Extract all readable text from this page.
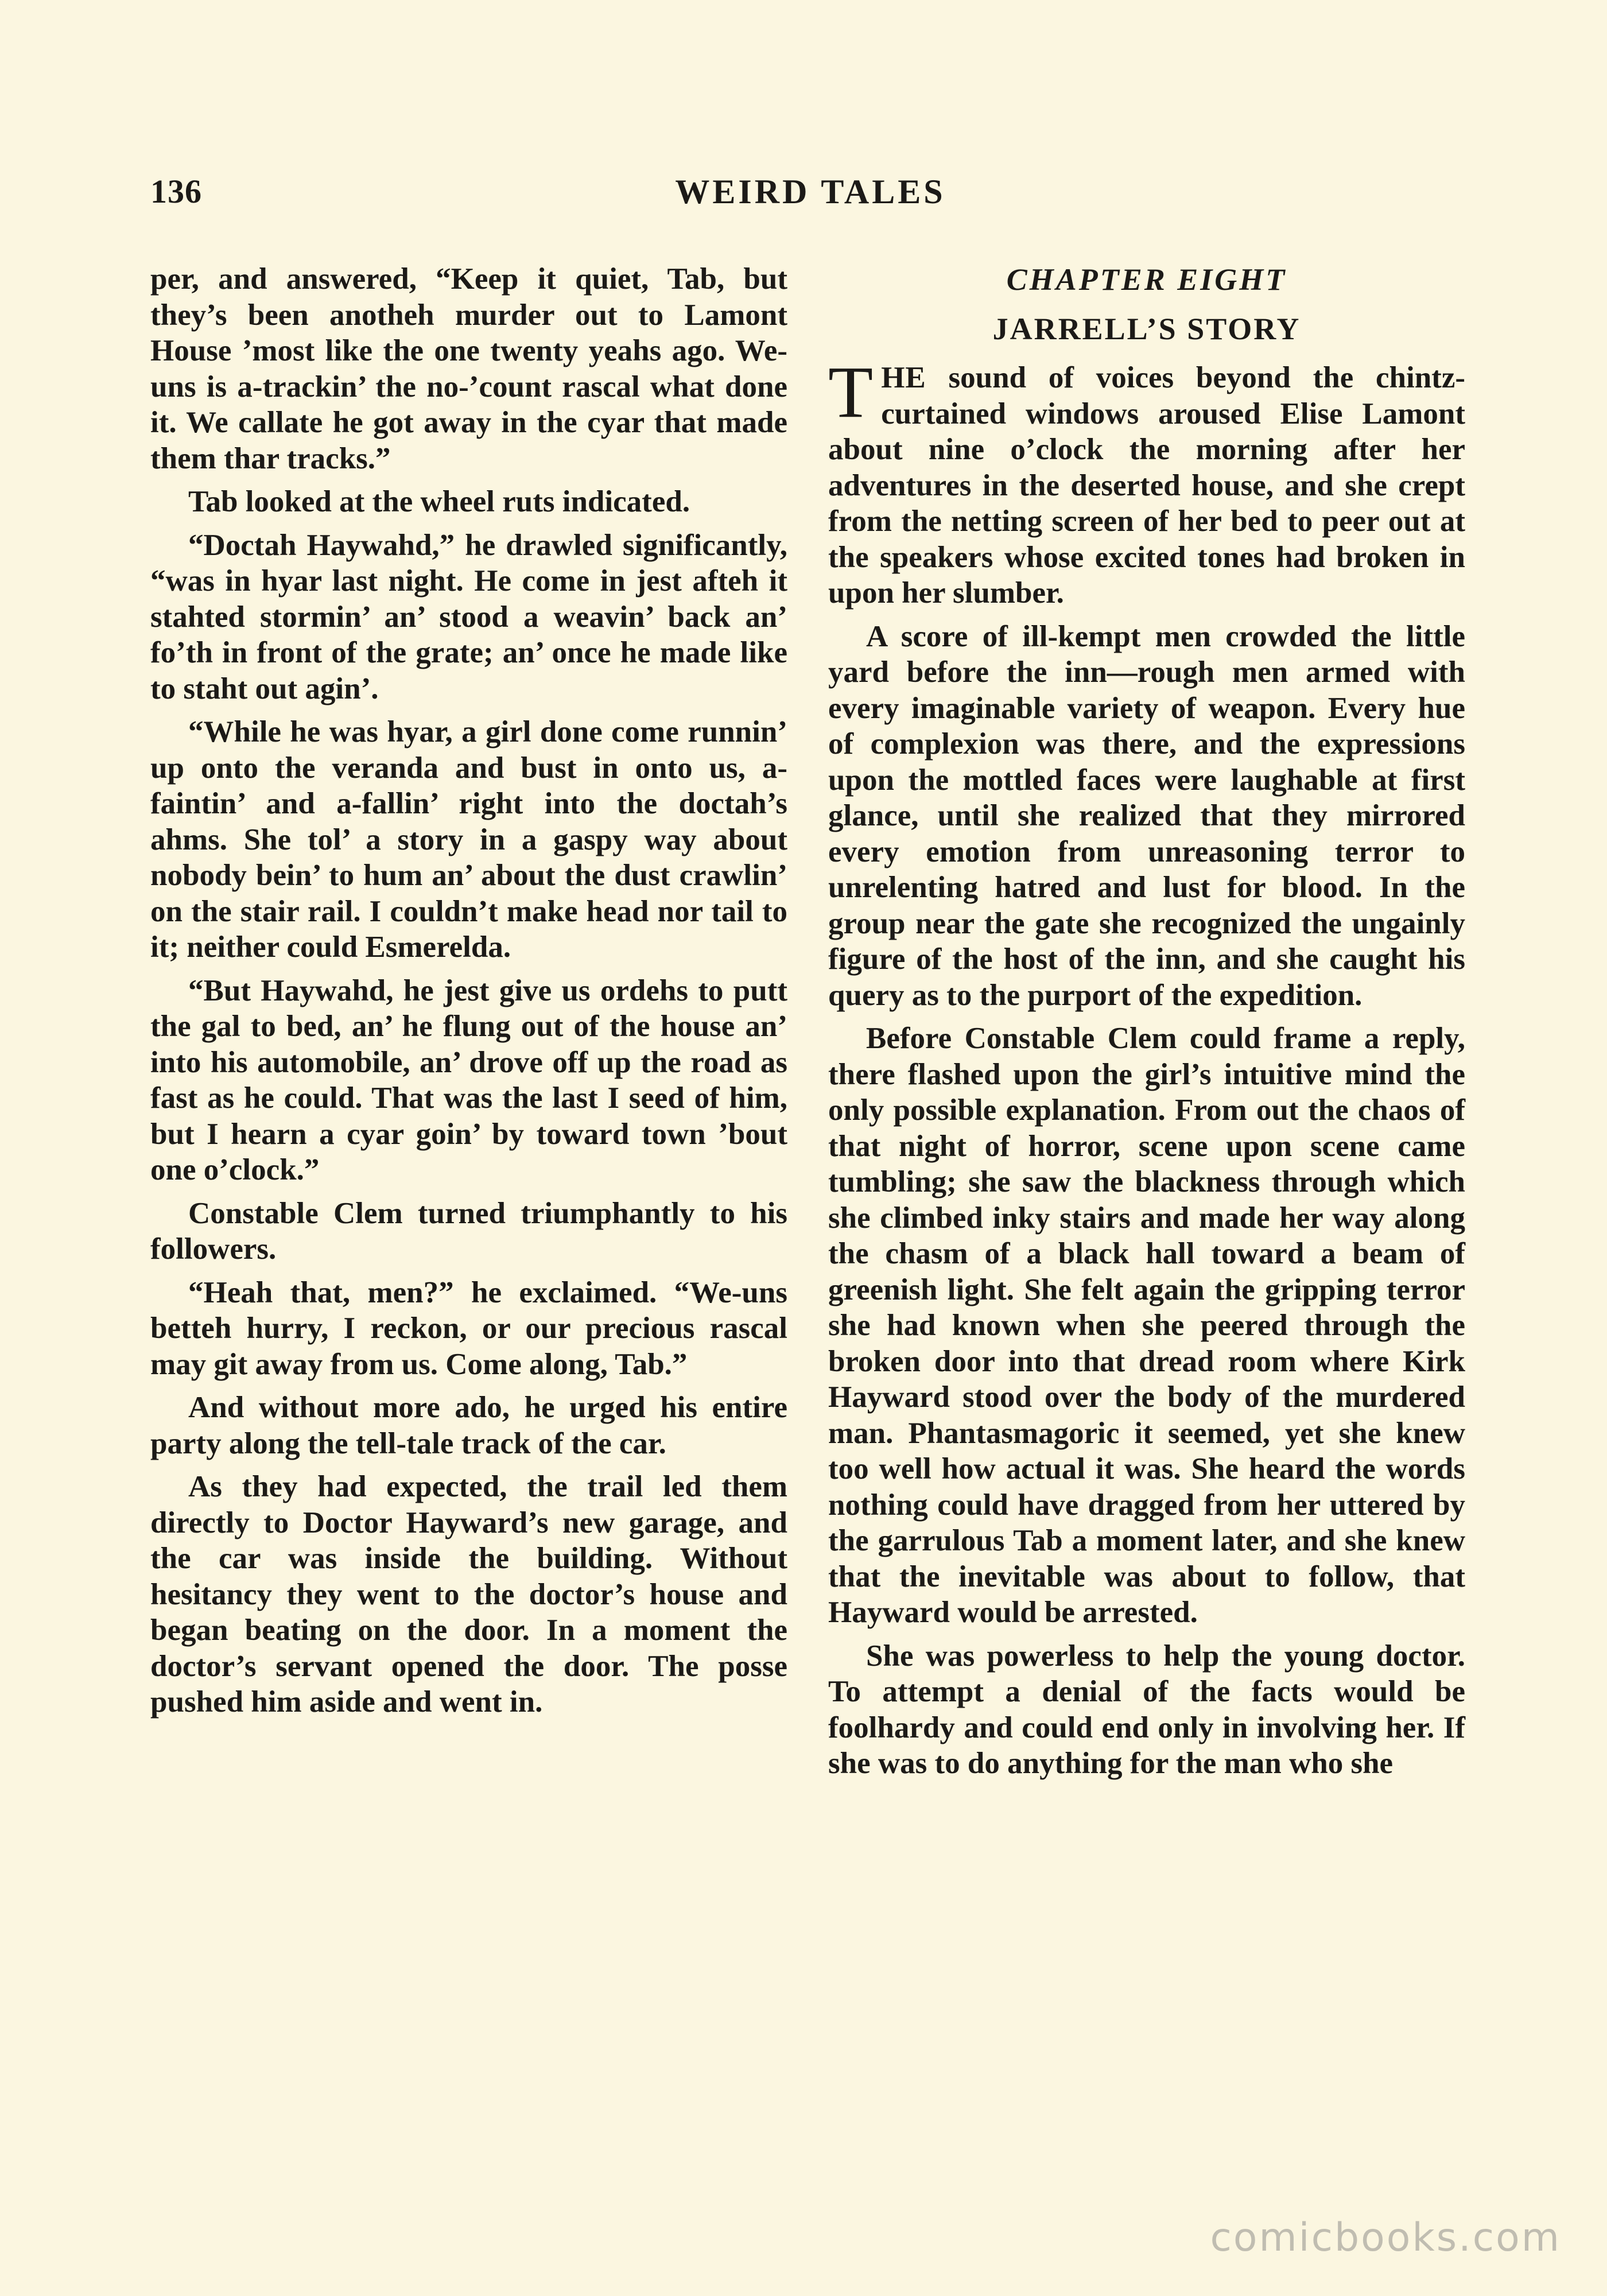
136	WEIRD TALES

per, and answered, “Keep it quiet, Tab, but they’s been anotheh murder out to Lamont House ’most like the one twenty yeahs ago. We-uns is a-trackin’ the no-’count rascal what done it. We callate he got away in the cyar that made them thar tracks.”

Tab looked at the wheel ruts indicated.

“Doctah Haywahd,” he drawled significantly, “was in hyar last night. He come in jest afteh it stahted stormin’ an’ stood a weavin’ back an’ fo’th in front of the grate; an’ once he made like to staht out agin’.

“While he was hyar, a girl done come runnin’ up onto the veranda and bust in onto us, a-faintin’ and a-fallin’ right into the doctah’s ahms. She tol’ a story in a gaspy way about nobody bein’ to hum an’ about the dust crawlin’ on the stair rail. I couldn’t make head nor tail to it; neither could Esmerelda.

“But Haywahd, he jest give us ordehs to putt the gal to bed, an’ he flung out of the house an’ into his automobile, an’ drove off up the road as fast as he could. That was the last I seed of him, but I hearn a cyar goin’ by toward town ’bout one o’clock.”

Constable Clem turned triumphantly to his followers.

“Heah that, men?” he exclaimed. “We-uns betteh hurry, I reckon, or our precious rascal may git away from us. Come along, Tab.”

And without more ado, he urged his entire party along the tell-tale track of the car.

As they had expected, the trail led them directly to Doctor Hayward’s new garage, and the car was inside the building. Without hesitancy they went to the doctor’s house and began beating on the door. In a moment the doctor’s servant opened the door. The posse pushed him aside and went in.

CHAPTER EIGHT
JARRELL’S STORY

THE sound of voices beyond the chintz-curtained windows aroused Elise Lamont about nine o’clock the morning after her adventures in the deserted house, and she crept from the netting screen of her bed to peer out at the speakers whose excited tones had broken in upon her slumber.

A score of ill-kempt men crowded the little yard before the inn—rough men armed with every imaginable variety of weapon. Every hue of complexion was there, and the expressions upon the mottled faces were laughable at first glance, until she realized that they mirrored every emotion from unreasoning terror to unrelenting hatred and lust for blood. In the group near the gate she recognized the ungainly figure of the host of the inn, and she caught his query as to the purport of the expedition.

Before Constable Clem could frame a reply, there flashed upon the girl’s intuitive mind the only possible explanation. From out the chaos of that night of horror, scene upon scene came tumbling; she saw the blackness through which she climbed inky stairs and made her way along the chasm of a black hall toward a beam of greenish light. She felt again the gripping terror she had known when she peered through the broken door into that dread room where Kirk Hayward stood over the body of the murdered man. Phantasmagoric it seemed, yet she knew too well how actual it was. She heard the words nothing could have dragged from her uttered by the garrulous Tab a moment later, and she knew that the inevitable was about to follow, that Hayward would be arrested.

She was powerless to help the young doctor. To attempt a denial of the facts would be foolhardy and could end only in involving her. If she was to do anything for the man who she

comicbooks.com
